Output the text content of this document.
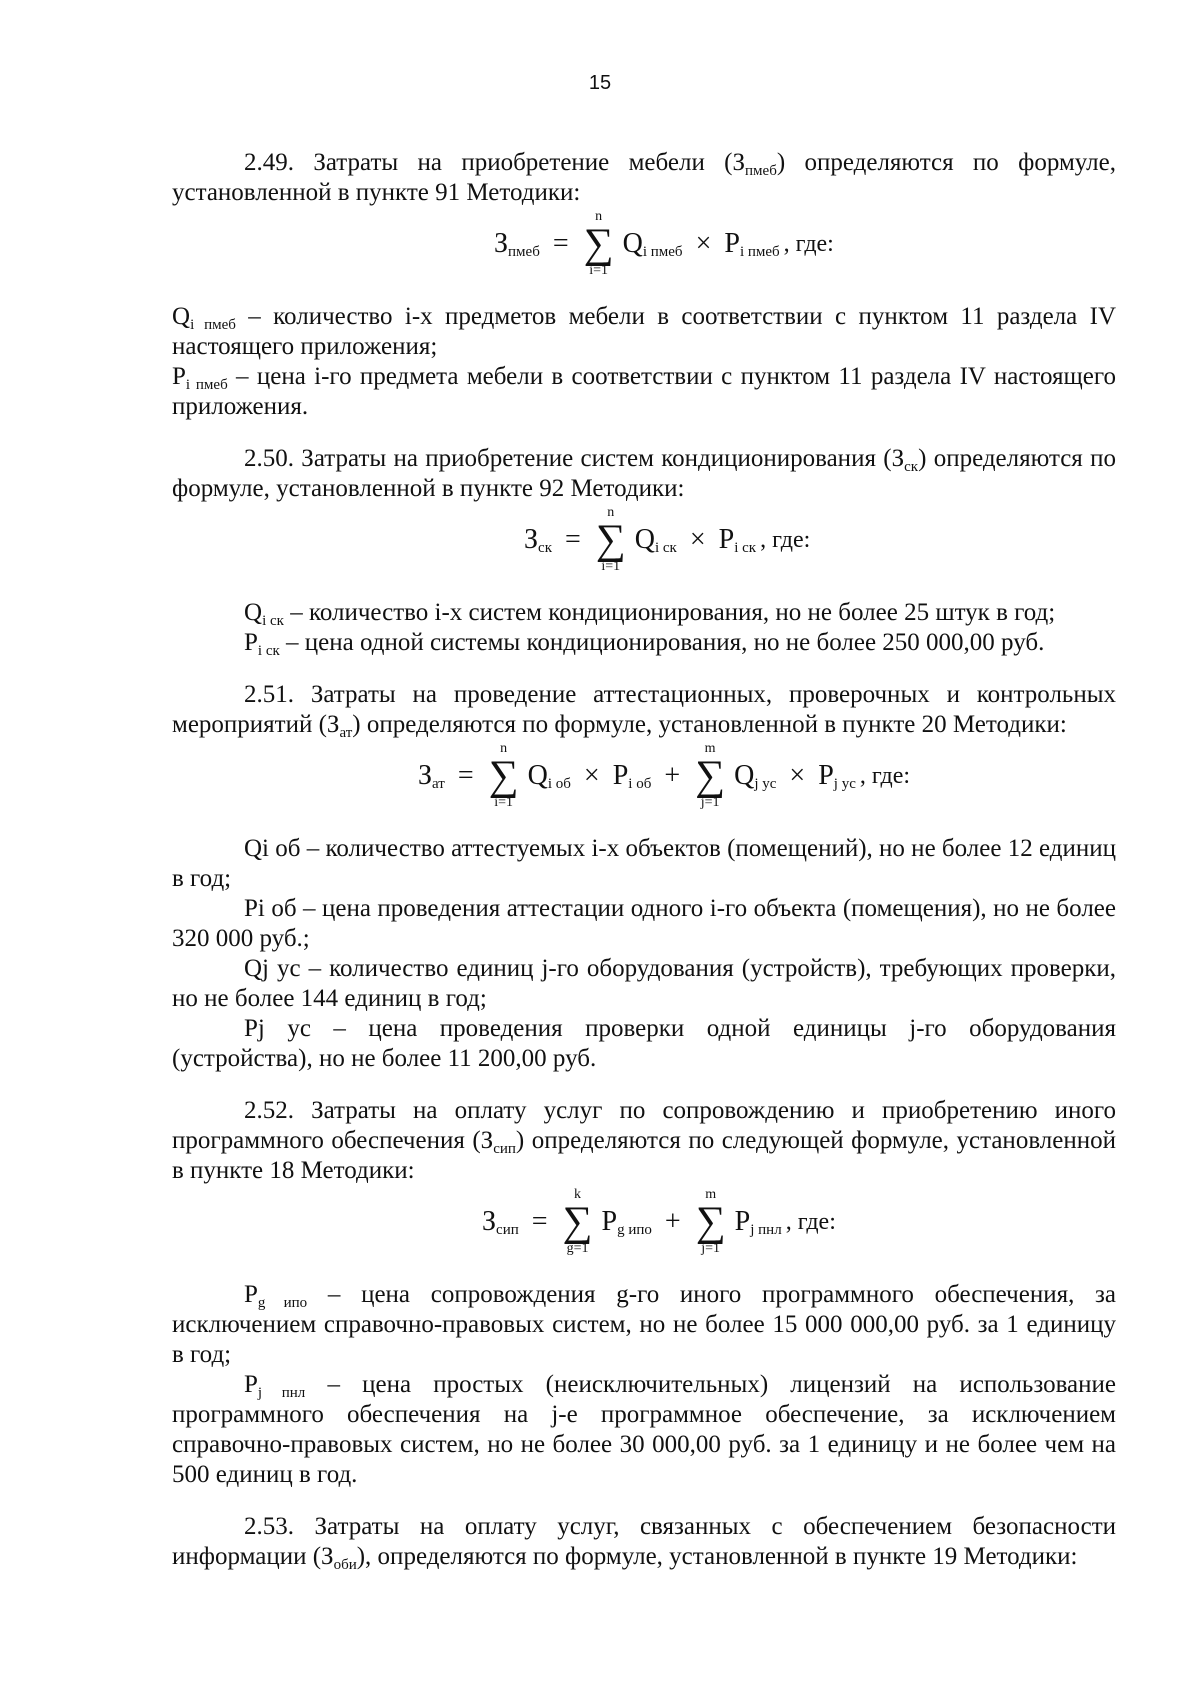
15

2.49. Затраты на приобретение мебели $(З_{пмеб})$ определяются по формуле, установленной в пункте 91 Методики:

Зпмеб =
n
∑
i=1
Qi пмеб × Pi пмеб , где:

$Q_{i пмеб}$ – количество i-х предметов мебели в соответствии с пунктом 11 раздела IV настоящего приложения;

$P_{i пмеб}$ – цена i-го предмета мебели в соответствии с пунктом 11 раздела IV настоящего приложения.

2.50. Затраты на приобретение систем кондиционирования $(З_{ск})$ определяются по формуле, установленной в пункте 92 Методики:

Зск =
n
∑
i=1
Qi ск × Pi ск , где:

$Q_{i ск}$ – количество i-х систем кондиционирования, но не более 25 штук в год;

$P_{i ск}$ – цена одной системы кондиционирования, но не более 250 000,00 руб.

2.51. Затраты на проведение аттестационных, проверочных и контрольных мероприятий $(З_{ат})$ определяются по формуле, установленной в пункте 20 Методики:

Зат =
n
∑
i=1
Qi об × Pi об +
m
∑
j=1
Qj ус × Pj ус , где:

Qi об – количество аттестуемых i-х объектов (помещений), но не более 12 единиц в год;

Pi об – цена проведения аттестации одного i-го объекта (помещения), но не более 320 000 руб.;

Qj ус – количество единиц j-го оборудования (устройств), требующих проверки, но не более 144 единиц в год;

Pj ус – цена проведения проверки одной единицы j-го оборудования (устройства), но не более 11 200,00 руб.

2.52. Затраты на оплату услуг по сопровождению и приобретению иного программного обеспечения $(З_{сип})$ определяются по следующей формуле, установленной в пункте 18 Методики:

Зсип =
k
∑
g=1
Pg ипо +
m
∑
j=1
Pj пнл , где:

$P_{g ипо}$ – цена сопровождения g-го иного программного обеспечения, за исключением справочно-правовых систем, но не более 15 000 000,00 руб. за 1 единицу в год;

$P_{j пнл}$ – цена простых (неисключительных) лицензий на использование программного обеспечения на j-е программное обеспечение, за исключением справочно-правовых систем, но не более 30 000,00 руб. за 1 единицу и не более чем на 500 единиц в год.

2.53. Затраты на оплату услуг, связанных с обеспечением безопасности информации $(З_{оби})$, определяются по формуле, установленной в пункте 19 Методики:
